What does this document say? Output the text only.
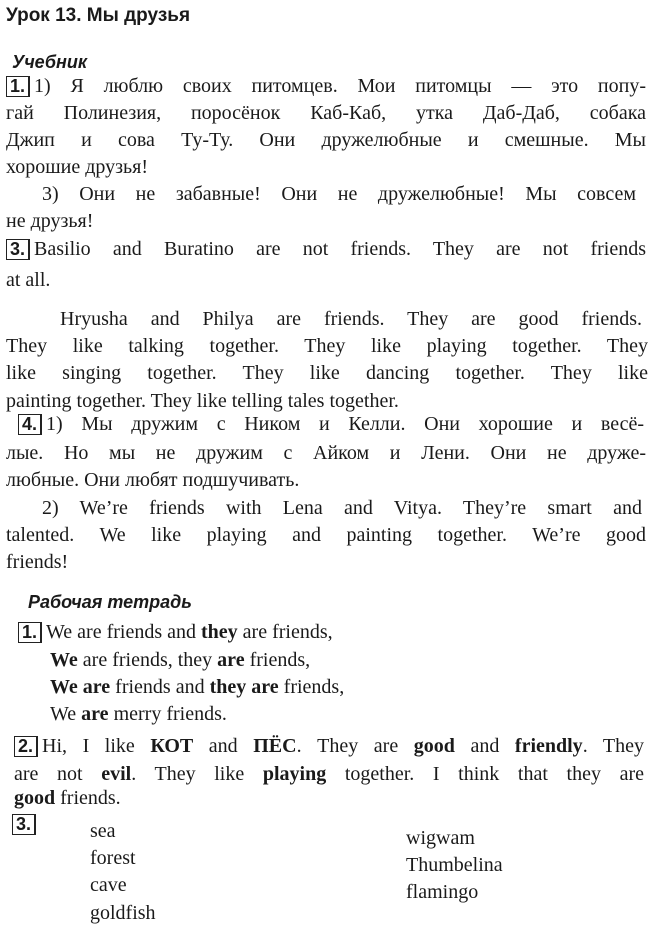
Урок 13. Мы друзья
Учебник
1. 1) Я люблю своих питомцев. Мои питомцы — это попу-
гай Полинезия, поросёнок Каб-Каб, утка Даб-Даб, собака
Джип и сова Ту-Ту. Они дружелюбные и смешные. Мы
хорошие друзья!
3) Они не забавные! Они не дружелюбные! Мы совсем
не друзья!
3. Basilio and Buratino are not friends. They are not friends
at all.
Hryusha and Philya are friends. They are good friends.
They like talking together. They like playing together. They
like singing together. They like dancing together. They like
painting together. They like telling tales together.
4. 1) Мы дружим с Ником и Келли. Они хорошие и весё-
лые. Но мы не дружим с Айком и Лени. Они не друже-
любные. Они любят подшучивать.
2) We’re friends with Lena and Vitya. They’re smart and
talented. We like playing and painting together. We’re good
friends!
Рабочая тетрадь
1. We are friends and they are friends,
We are friends, they are friends,
We are friends and they are friends,
We are merry friends.
2. Hi, I like КОТ and ПЁС. They are good and friendly. They
are not evil. They like playing together. I think that they are
good friends.
3.	sea
forest
cave
goldfish
wigwam
Thumbelina
flamingo
